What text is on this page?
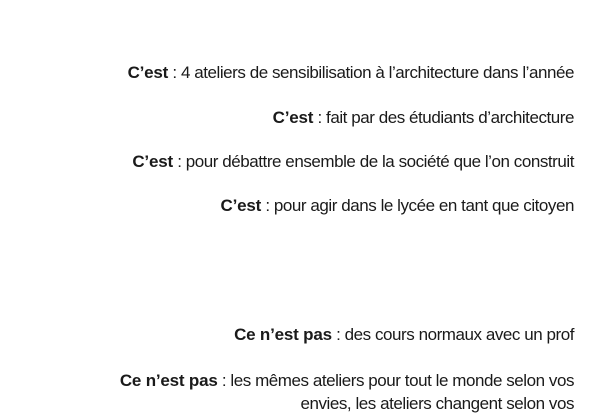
C’est : 4 ateliers de sensibilisation à l’architecture dans l’année

C’est : fait par des étudiants d’architecture

C’est : pour débattre ensemble de la société que l’on construit

C’est : pour agir dans le lycée en tant que citoyen

Ce n’est pas : des cours normaux avec un prof

Ce n’est pas : les mêmes ateliers pour tout le monde selon vos

envies, les ateliers changent selon vos
